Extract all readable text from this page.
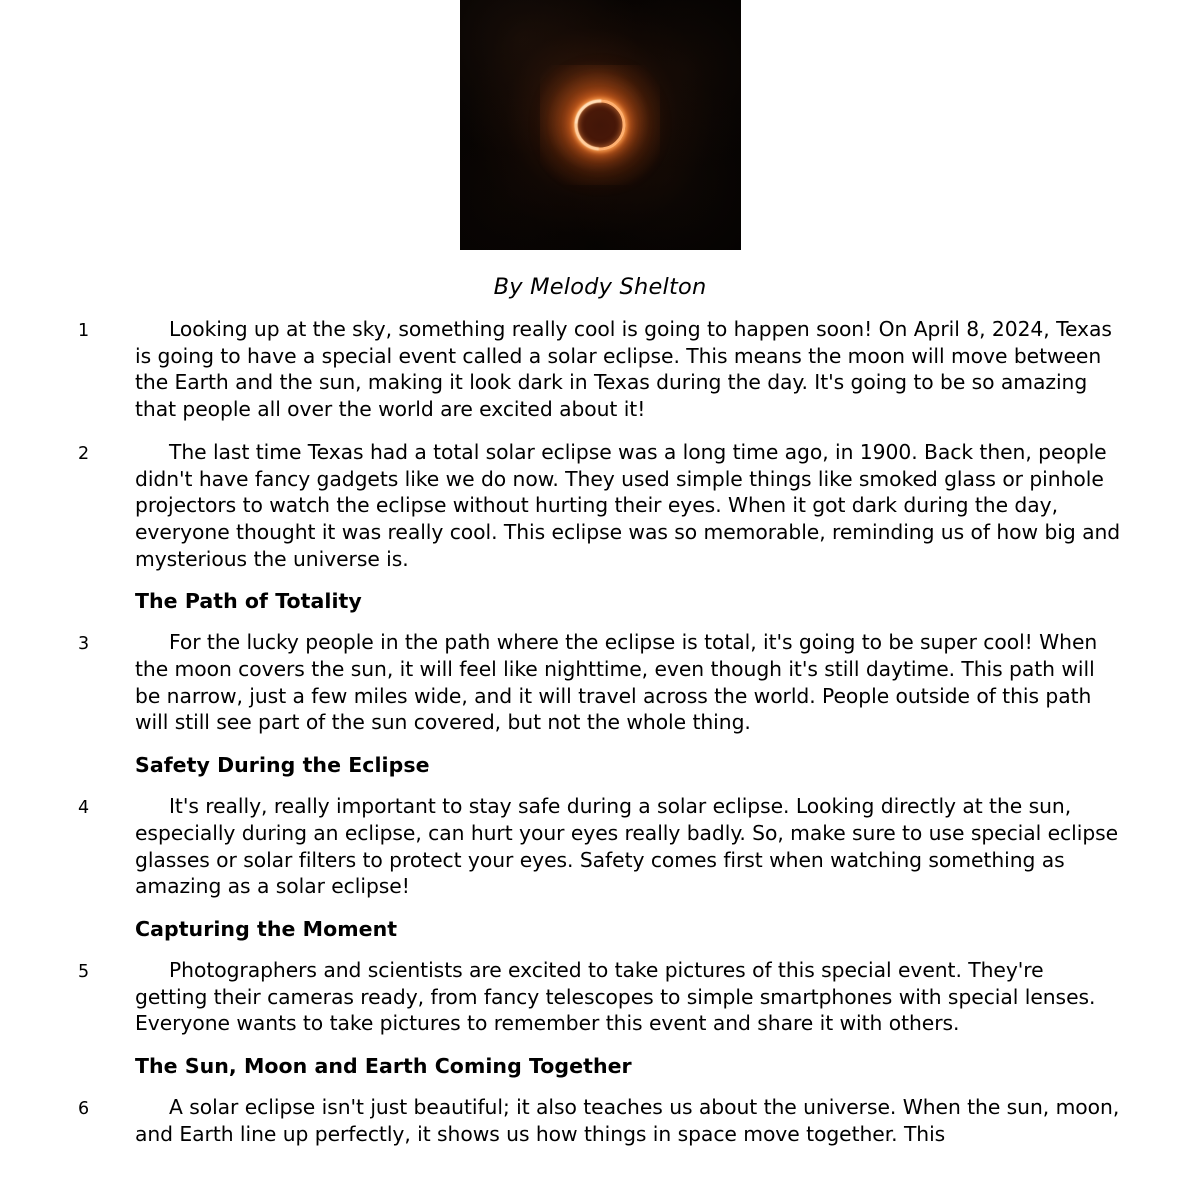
By Melody Shelton
1	Looking up at the sky, something really cool is going to happen soon! On April 8, 2024, Texas is going to have a special event called a solar eclipse. This means the moon will move between the Earth and the sun, making it look dark in Texas during the day. It's going to be so amazing that people all over the world are excited about it!
2	The last time Texas had a total solar eclipse was a long time ago, in 1900. Back then, people didn't have fancy gadgets like we do now. They used simple things like smoked glass or pinhole projectors to watch the eclipse without hurting their eyes. When it got dark during the day, everyone thought it was really cool. This eclipse was so memorable, reminding us of how big and mysterious the universe is.
The Path of Totality
3	For the lucky people in the path where the eclipse is total, it's going to be super cool! When the moon covers the sun, it will feel like nighttime, even though it's still daytime. This path will be narrow, just a few miles wide, and it will travel across the world. People outside of this path will still see part of the sun covered, but not the whole thing.
Safety During the Eclipse
4	It's really, really important to stay safe during a solar eclipse. Looking directly at the sun, especially during an eclipse, can hurt your eyes really badly. So, make sure to use special eclipse glasses or solar filters to protect your eyes. Safety comes first when watching something as amazing as a solar eclipse!
Capturing the Moment
5	Photographers and scientists are excited to take pictures of this special event. They're getting their cameras ready, from fancy telescopes to simple smartphones with special lenses. Everyone wants to take pictures to remember this event and share it with others.
The Sun, Moon and Earth Coming Together
6	A solar eclipse isn't just beautiful; it also teaches us about the universe. When the sun, moon, and Earth line up perfectly, it shows us how things in space move together. This
